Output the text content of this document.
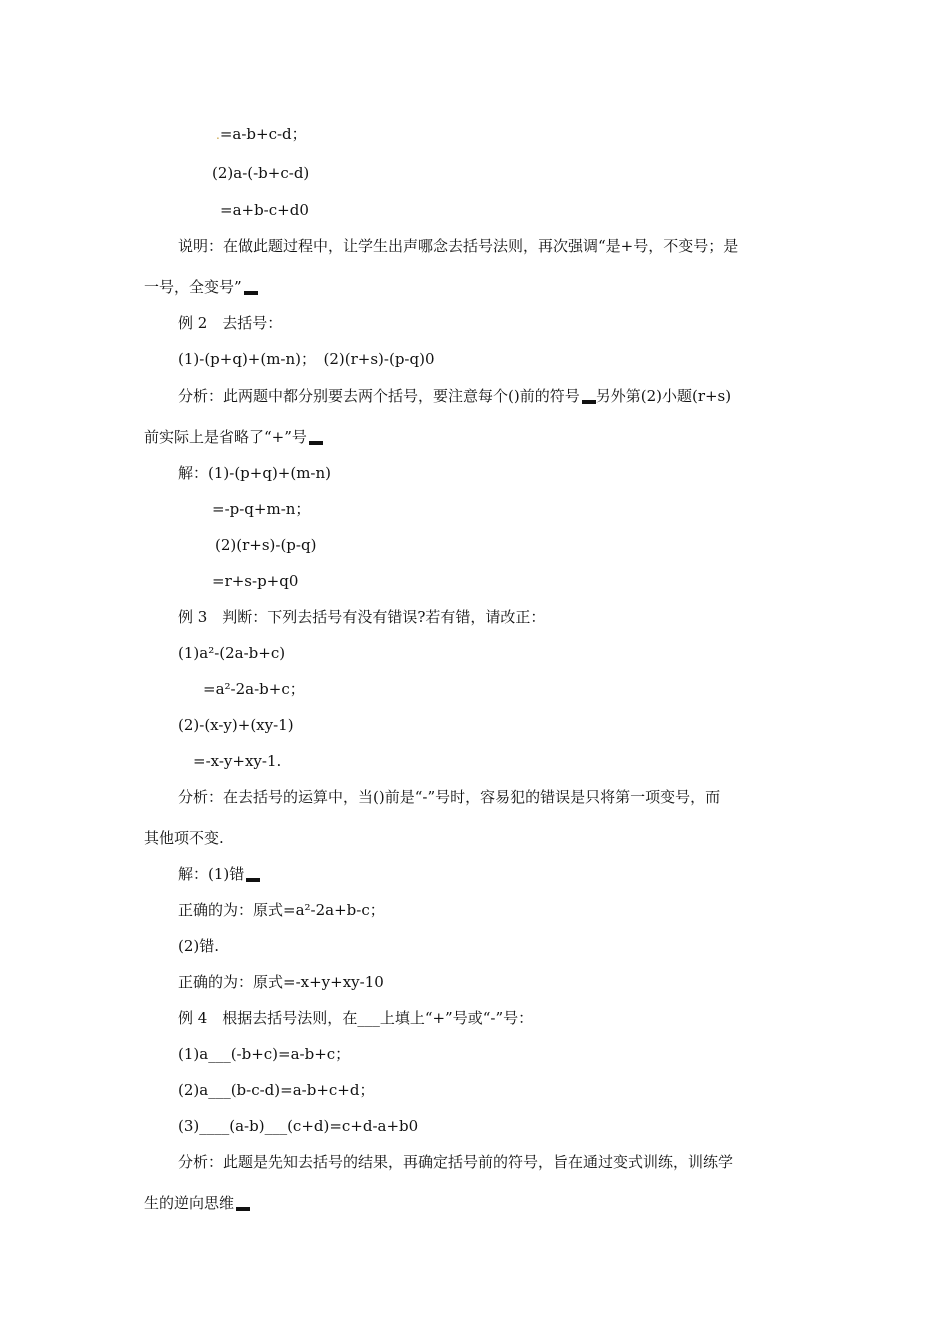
.=a-b+c-d；
(2)a-(-b+c-d)
=a+b-c+d0
说明：在做此题过程中，让学生出声哪念去括号法则，再次强调“是+号，不变号；是
一号，全变号”
例 2　去括号：
(1)-(p+q)+(m-n)；　(2)(r+s)-(p-q)0
分析：此两题中都分别要去两个括号，要注意每个()前的符号 另外第(2)小题(r+s)
前实际上是省略了“+”号
解：(1)-(p+q)+(m-n)
=-p-q+m-n；
(2)(r+s)-(p-q)
=r+s-p+q0
例 3　判断：下列去括号有没有错误?若有错，请改正：
(1)a²-(2a-b+c)
=a²-2a-b+c；
(2)-(x-y)+(xy-1)
=-x-y+xy-1.
分析：在去括号的运算中，当()前是“-”号时，容易犯的错误是只将第一项变号，而
其他项不变.
解：(1)错
正确的为：原式=a²-2a+b-c；
(2)错.
正确的为：原式=-x+y+xy-10
例 4　根据去括号法则，在___上填上“+”号或“-”号：
(1)a___(-b+c)=a-b+c；
(2)a___(b-c-d)=a-b+c+d；
(3)____(a-b)___(c+d)=c+d-a+b0
分析：此题是先知去括号的结果，再确定括号前的符号，旨在通过变式训练，训练学
生的逆向思维
